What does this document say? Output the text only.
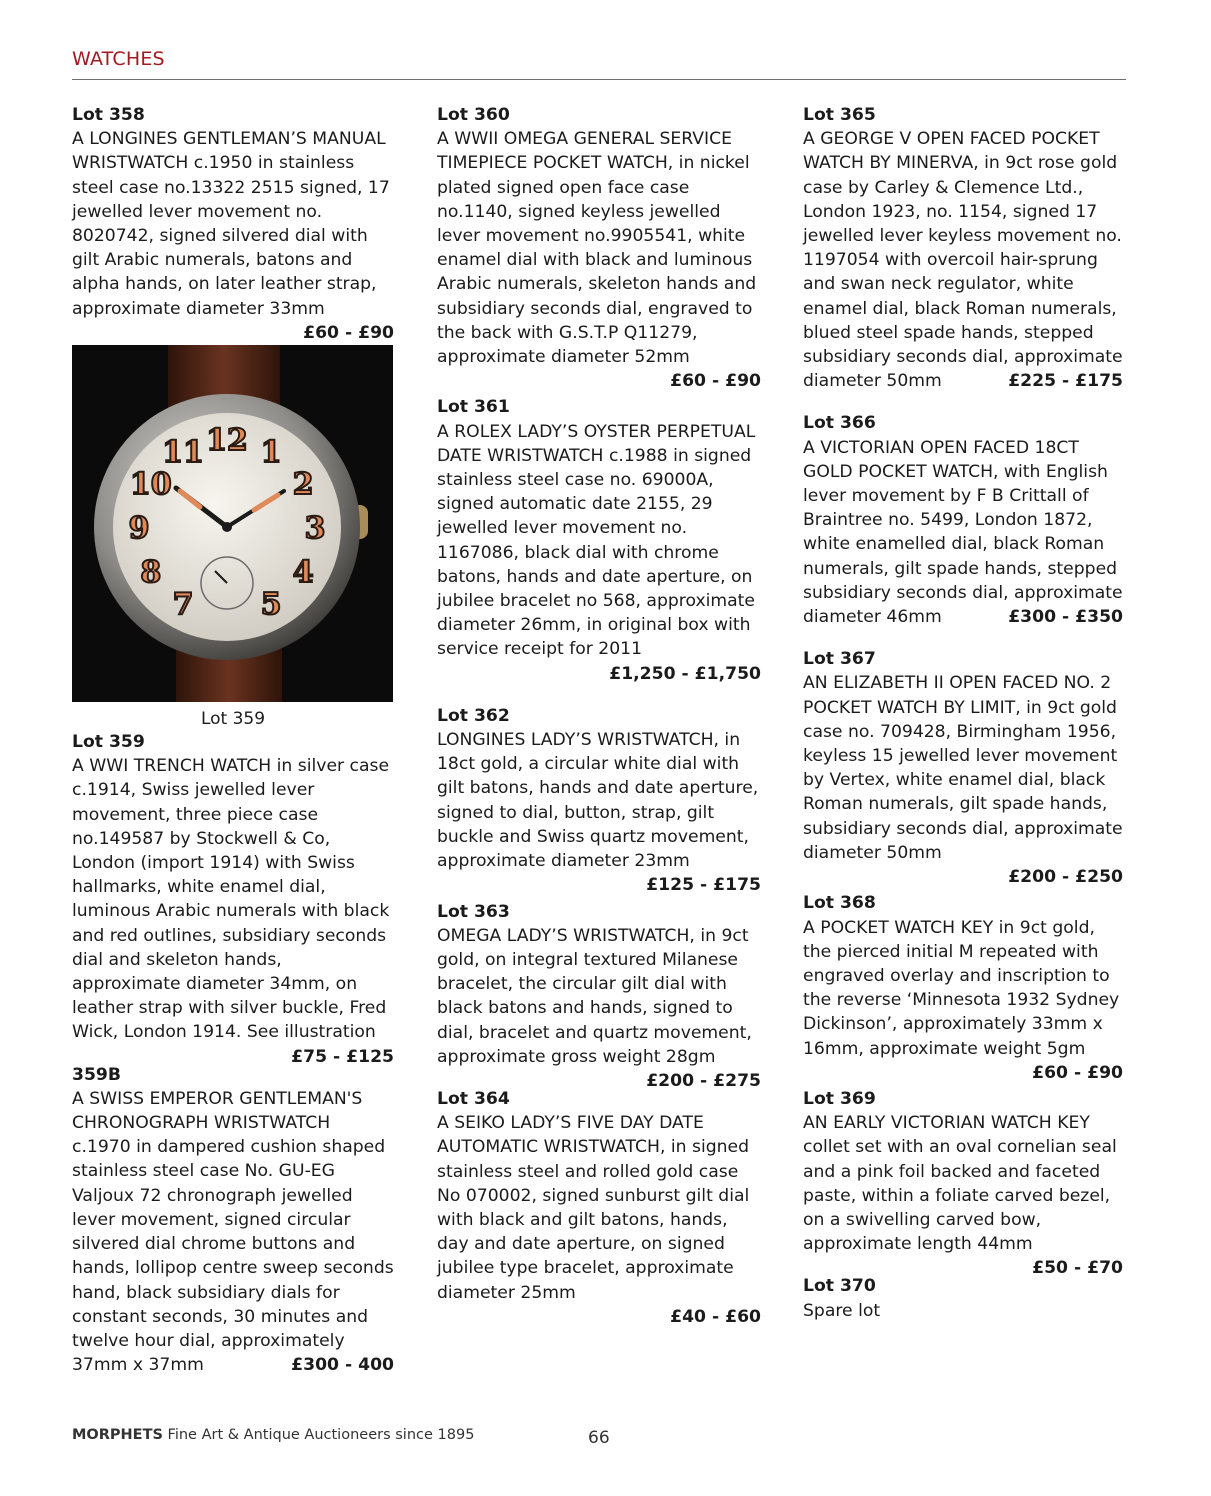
WATCHES
Lot 358
A LONGINES GENTLEMAN’S MANUAL WRISTWATCH c.1950 in stainless steel case no.13322 2515 signed, 17 jewelled lever movement no. 8020742, signed silvered dial with gilt Arabic numerals, batons and alpha hands, on later leather strap, approximate diameter 33mm
£60 - £90
12 1
2
3
4
5
7
8
9
10
11
Lot 359
Lot 359
A WWI TRENCH WATCH in silver case c.1914, Swiss jewelled lever movement, three piece case no.149587 by Stockwell & Co, London (import 1914) with Swiss hallmarks, white enamel dial, luminous Arabic numerals with black and red outlines, subsidiary seconds dial and skeleton hands, approximate diameter 34mm, on leather strap with silver buckle, Fred Wick, London 1914. See illustration
£75 - £125
359B
A SWISS EMPEROR GENTLEMAN'S CHRONOGRAPH WRISTWATCH c.1970 in dampered cushion shaped stainless steel case No. GU-EG Valjoux 72 chronograph jewelled lever movement, signed circular silvered dial chrome buttons and hands, lollipop centre sweep seconds hand, black subsidiary dials for constant seconds, 30 minutes and twelve hour dial, approximately 37mm x 37mm	£300 - 400
Lot 360
A WWII OMEGA GENERAL SERVICE TIMEPIECE POCKET WATCH, in nickel plated signed open face case no.1140, signed keyless jewelled lever movement no.9905541, white enamel dial with black and luminous Arabic numerals, skeleton hands and subsidiary seconds dial, engraved to the back with G.S.T.P Q11279, approximate diameter 52mm
£60 - £90
Lot 361
A ROLEX LADY’S OYSTER PERPETUAL DATE WRISTWATCH c.1988 in signed stainless steel case no. 69000A, signed automatic date 2155, 29 jewelled lever movement no. 1167086, black dial with chrome batons, hands and date aperture, on jubilee bracelet no 568, approximate diameter 26mm, in original box with service receipt for 2011
£1,250 - £1,750
Lot 362
LONGINES LADY’S WRISTWATCH, in 18ct gold, a circular white dial with gilt batons, hands and date aperture, signed to dial, button, strap, gilt buckle and Swiss quartz movement, approximate diameter 23mm
£125 - £175
Lot 363
OMEGA LADY’S WRISTWATCH, in 9ct gold, on integral textured Milanese bracelet, the circular gilt dial with black batons and hands, signed to dial, bracelet and quartz movement, approximate gross weight 28gm
£200 - £275
Lot 364
A SEIKO LADY’S FIVE DAY DATE AUTOMATIC WRISTWATCH, in signed stainless steel and rolled gold case No 070002, signed sunburst gilt dial with black and gilt batons, hands, day and date aperture, on signed jubilee type bracelet, approximate diameter 25mm
£40 - £60
Lot 365
A GEORGE V OPEN FACED POCKET WATCH BY MINERVA, in 9ct rose gold case by Carley & Clemence Ltd., London 1923, no. 1154, signed 17 jewelled lever keyless movement no. 1197054 with overcoil hair-sprung and swan neck regulator, white enamel dial, black Roman numerals, blued steel spade hands, stepped subsidiary seconds dial, approximate diameter 50mm	£225 - £175
Lot 366
A VICTORIAN OPEN FACED 18CT GOLD POCKET WATCH, with English lever movement by F B Crittall of Braintree no. 5499, London 1872, white enamelled dial, black Roman numerals, gilt spade hands, stepped subsidiary seconds dial, approximate diameter 46mm	£300 - £350
Lot 367
AN ELIZABETH II OPEN FACED NO. 2 POCKET WATCH BY LIMIT, in 9ct gold case no. 709428, Birmingham 1956, keyless 15 jewelled lever movement by Vertex, white enamel dial, black Roman numerals, gilt spade hands, subsidiary seconds dial, approximate diameter 50mm
£200 - £250
Lot 368
A POCKET WATCH KEY in 9ct gold, the pierced initial M repeated with engraved overlay and inscription to the reverse ‘Minnesota 1932 Sydney Dickinson’, approximately 33mm x 16mm, approximate weight 5gm
£60 - £90
Lot 369
AN EARLY VICTORIAN WATCH KEY collet set with an oval cornelian seal and a pink foil backed and faceted paste, within a foliate carved bezel, on a swivelling carved bow, approximate length 44mm
£50 - £70
Lot 370
Spare lot
MORPHETS Fine Art & Antique Auctioneers since 1895	66
